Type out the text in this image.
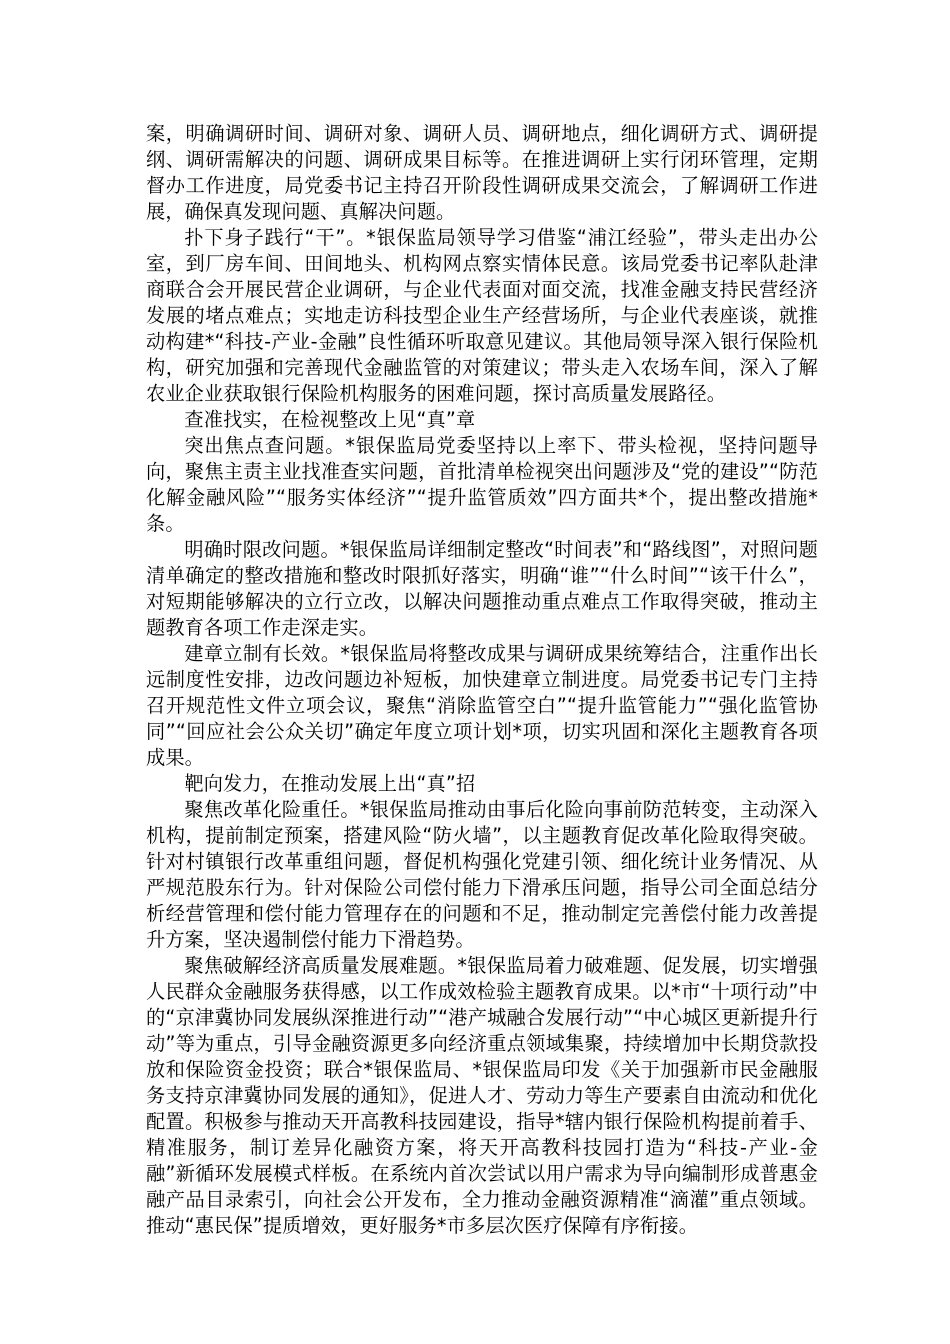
案，明确调研时间、调研对象、调研人员、调研地点，细化调研方式、调研提纲、调研需解决的问题、调研成果目标等。在推进调研上实行闭环管理，定期督办工作进度，局党委书记主持召开阶段性调研成果交流会，了解调研工作进展，确保真发现问题、真解决问题。

扑下身子践行“干”。*银保监局领导学习借鉴“浦江经验”，带头走出办公室，到厂房车间、田间地头、机构网点察实情体民意。该局党委书记率队赴津商联合会开展民营企业调研，与企业代表面对面交流，找准金融支持民营经济发展的堵点难点；实地走访科技型企业生产经营场所，与企业代表座谈，就推动构建*“科技-产业-金融”良性循环听取意见建议。其他局领导深入银行保险机构，研究加强和完善现代金融监管的对策建议；带头走入农场车间，深入了解农业企业获取银行保险机构服务的困难问题，探讨高质量发展路径。

查准找实，在检视整改上见“真”章

突出焦点查问题。*银保监局党委坚持以上率下、带头检视，坚持问题导向，聚焦主责主业找准查实问题，首批清单检视突出问题涉及“党的建设”“防范化解金融风险”“服务实体经济”“提升监管质效”四方面共*个，提出整改措施*条。

明确时限改问题。*银保监局详细制定整改“时间表”和“路线图”，对照问题清单确定的整改措施和整改时限抓好落实，明确“谁”“什么时间”“该干什么”，对短期能够解决的立行立改，以解决问题推动重点难点工作取得突破，推动主题教育各项工作走深走实。

建章立制有长效。*银保监局将整改成果与调研成果统筹结合，注重作出长远制度性安排，边改问题边补短板，加快建章立制进度。局党委书记专门主持召开规范性文件立项会议，聚焦“消除监管空白”“提升监管能力”“强化监管协同”“回应社会公众关切”确定年度立项计划*项，切实巩固和深化主题教育各项成果。

靶向发力，在推动发展上出“真”招

聚焦改革化险重任。*银保监局推动由事后化险向事前防范转变，主动深入机构，提前制定预案，搭建风险“防火墙”，以主题教育促改革化险取得突破。针对村镇银行改革重组问题，督促机构强化党建引领、细化统计业务情况、从严规范股东行为。针对保险公司偿付能力下滑承压问题，指导公司全面总结分析经营管理和偿付能力管理存在的问题和不足，推动制定完善偿付能力改善提升方案，坚决遏制偿付能力下滑趋势。

聚焦破解经济高质量发展难题。*银保监局着力破难题、促发展，切实增强人民群众金融服务获得感，以工作成效检验主题教育成果。以*市“十项行动”中的“京津冀协同发展纵深推进行动”“港产城融合发展行动”“中心城区更新提升行动”等为重点，引导金融资源更多向经济重点领域集聚，持续增加中长期贷款投放和保险资金投资；联合*银保监局、*银保监局印发《关于加强新市民金融服务支持京津冀协同发展的通知》，促进人才、劳动力等生产要素自由流动和优化配置。积极参与推动天开高教科技园建设，指导*辖内银行保险机构提前着手、精准服务，制订差异化融资方案，将天开高教科技园打造为“科技-产业-金融”新循环发展模式样板。在系统内首次尝试以用户需求为导向编制形成普惠金融产品目录索引，向社会公开发布，全力推动金融资源精准“滴灌”重点领域。推动“惠民保”提质增效，更好服务*市多层次医疗保障有序衔接。
